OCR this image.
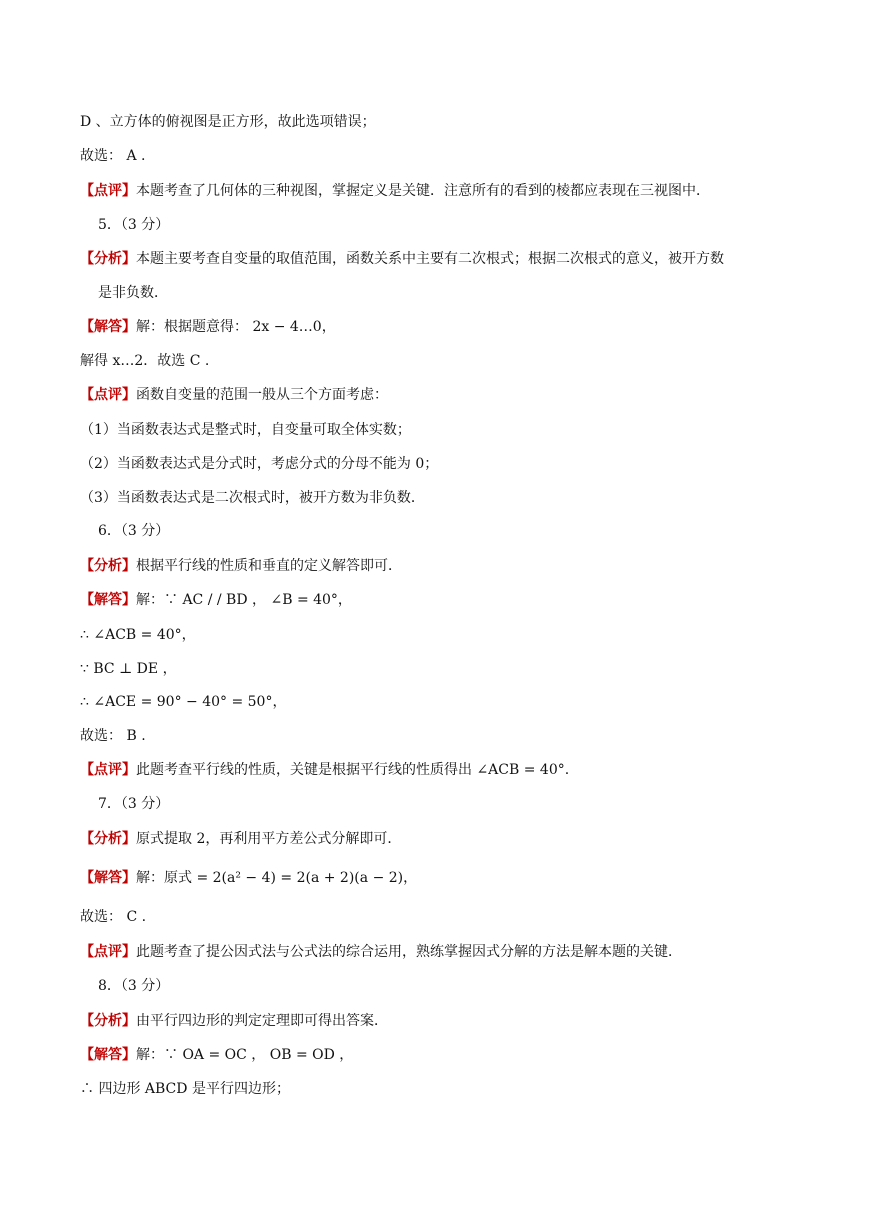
D 、立方体的俯视图是正方形，故此选项错误；
故选： A .
【点评】本题考查了几何体的三种视图，掌握定义是关键．注意所有的看到的棱都应表现在三视图中．
5．（3 分）
【分析】本题主要考查自变量的取值范围，函数关系中主要有二次根式；根据二次根式的意义，被开方数
是非负数．
【解答】解：根据题意得： 2x − 4…0，
解得 x…2．故选 C .
【点评】函数自变量的范围一般从三个方面考虑：
（1）当函数表达式是整式时，自变量可取全体实数；
（2）当函数表达式是分式时，考虑分式的分母不能为 0；
（3）当函数表达式是二次根式时，被开方数为非负数．
6．（3 分）
【分析】根据平行线的性质和垂直的定义解答即可．
【解答】解：∵ AC / / BD ， ∠B = 40°，
∴ ∠ACB = 40°，
∵ BC ⊥ DE ，
∴ ∠ACE = 90° − 40° = 50°，
故选： B .
【点评】此题考查平行线的性质，关键是根据平行线的性质得出 ∠ACB = 40°.
7．（3 分）
【分析】原式提取 2，再利用平方差公式分解即可．
【解答】解：原式 = 2(a² − 4) = 2(a + 2)(a − 2)，
故选： C .
【点评】此题考查了提公因式法与公式法的综合运用，熟练掌握因式分解的方法是解本题的关键．
8．（3 分）
【分析】由平行四边形的判定定理即可得出答案．
【解答】解：∵ OA = OC ， OB = OD ，
∴ 四边形 ABCD 是平行四边形；
